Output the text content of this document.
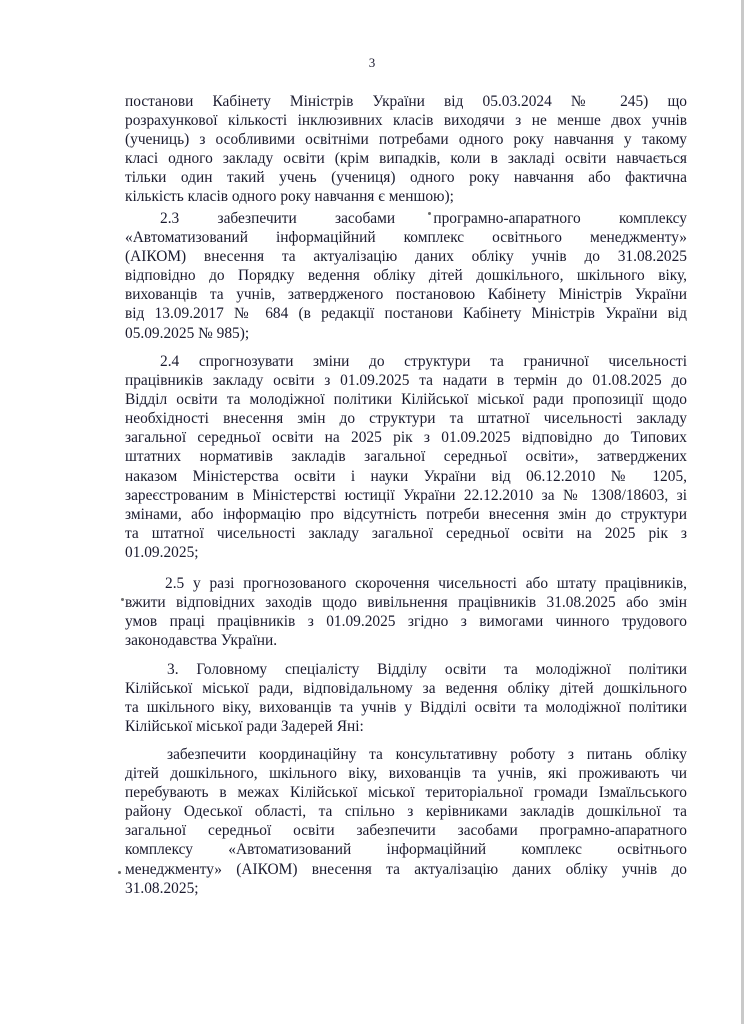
3
постанови Кабінету Міністрів України від 05.03.2024 № 245) що
розрахункової кількості інклюзивних класів виходячи з не менше двох учнів
(учениць) з особливими освітніми потребами одного року навчання у такому
класі одного закладу освіти (крім випадків, коли в закладі освіти навчається
тільки один такий учень (учениця) одного року навчання або фактична
кількість класів одного року навчання є меншою);
2.3 забезпечити засобами програмно-апаратного комплексу
«Автоматизований інформаційний комплекс освітнього менеджменту»
(АІКОМ) внесення та актуалізацію даних обліку учнів до 31.08.2025
відповідно до Порядку ведення обліку дітей дошкільного, шкільного віку,
вихованців та учнів, затвердженого постановою Кабінету Міністрів України
від 13.09.2017 № 684 (в редакції постанови Кабінету Міністрів України від
05.09.2025 № 985);
2.4 спрогнозувати зміни до структури та граничної чисельності
працівників закладу освіти з 01.09.2025 та надати в термін до 01.08.2025 до
Відділ освіти та молодіжної політики Кілійської міської ради пропозиції щодо
необхідності внесення змін до структури та штатної чисельності закладу
загальної середньої освіти на 2025 рік з 01.09.2025 відповідно до Типових
штатних нормативів закладів загальної середньої освіти», затверджених
наказом Міністерства освіти і науки України від 06.12.2010 № 1205,
зареєстрованим в Міністерстві юстиції України 22.12.2010 за № 1308/18603, зі
змінами, або інформацію про відсутність потреби внесення змін до структури
та штатної чисельності закладу загальної середньої освіти на 2025 рік з
01.09.2025;
2.5 у разі прогнозованого скорочення чисельності або штату працівників,
вжити відповідних заходів щодо вивільнення працівників 31.08.2025 або змін
умов праці працівників з 01.09.2025 згідно з вимогами чинного трудового
законодавства України.
3. Головному спеціалісту Відділу освіти та молодіжної політики
Кілійської міської ради, відповідальному за ведення обліку дітей дошкільного
та шкільного віку, вихованців та учнів у Відділі освіти та молодіжної політики
Кілійської міської ради Задерей Яні:
забезпечити координаційну та консультативну роботу з питань обліку
дітей дошкільного, шкільного віку, вихованців та учнів, які проживають чи
перебувають в межах Кілійської міської територіальної громади Ізмаїльського
району Одеської області, та спільно з керівниками закладів дошкільної та
загальної середньої освіти забезпечити засобами програмно-апаратного
комплексу «Автоматизований інформаційний комплекс освітнього
менеджменту» (АІКОМ) внесення та актуалізацію даних обліку учнів до
31.08.2025;
